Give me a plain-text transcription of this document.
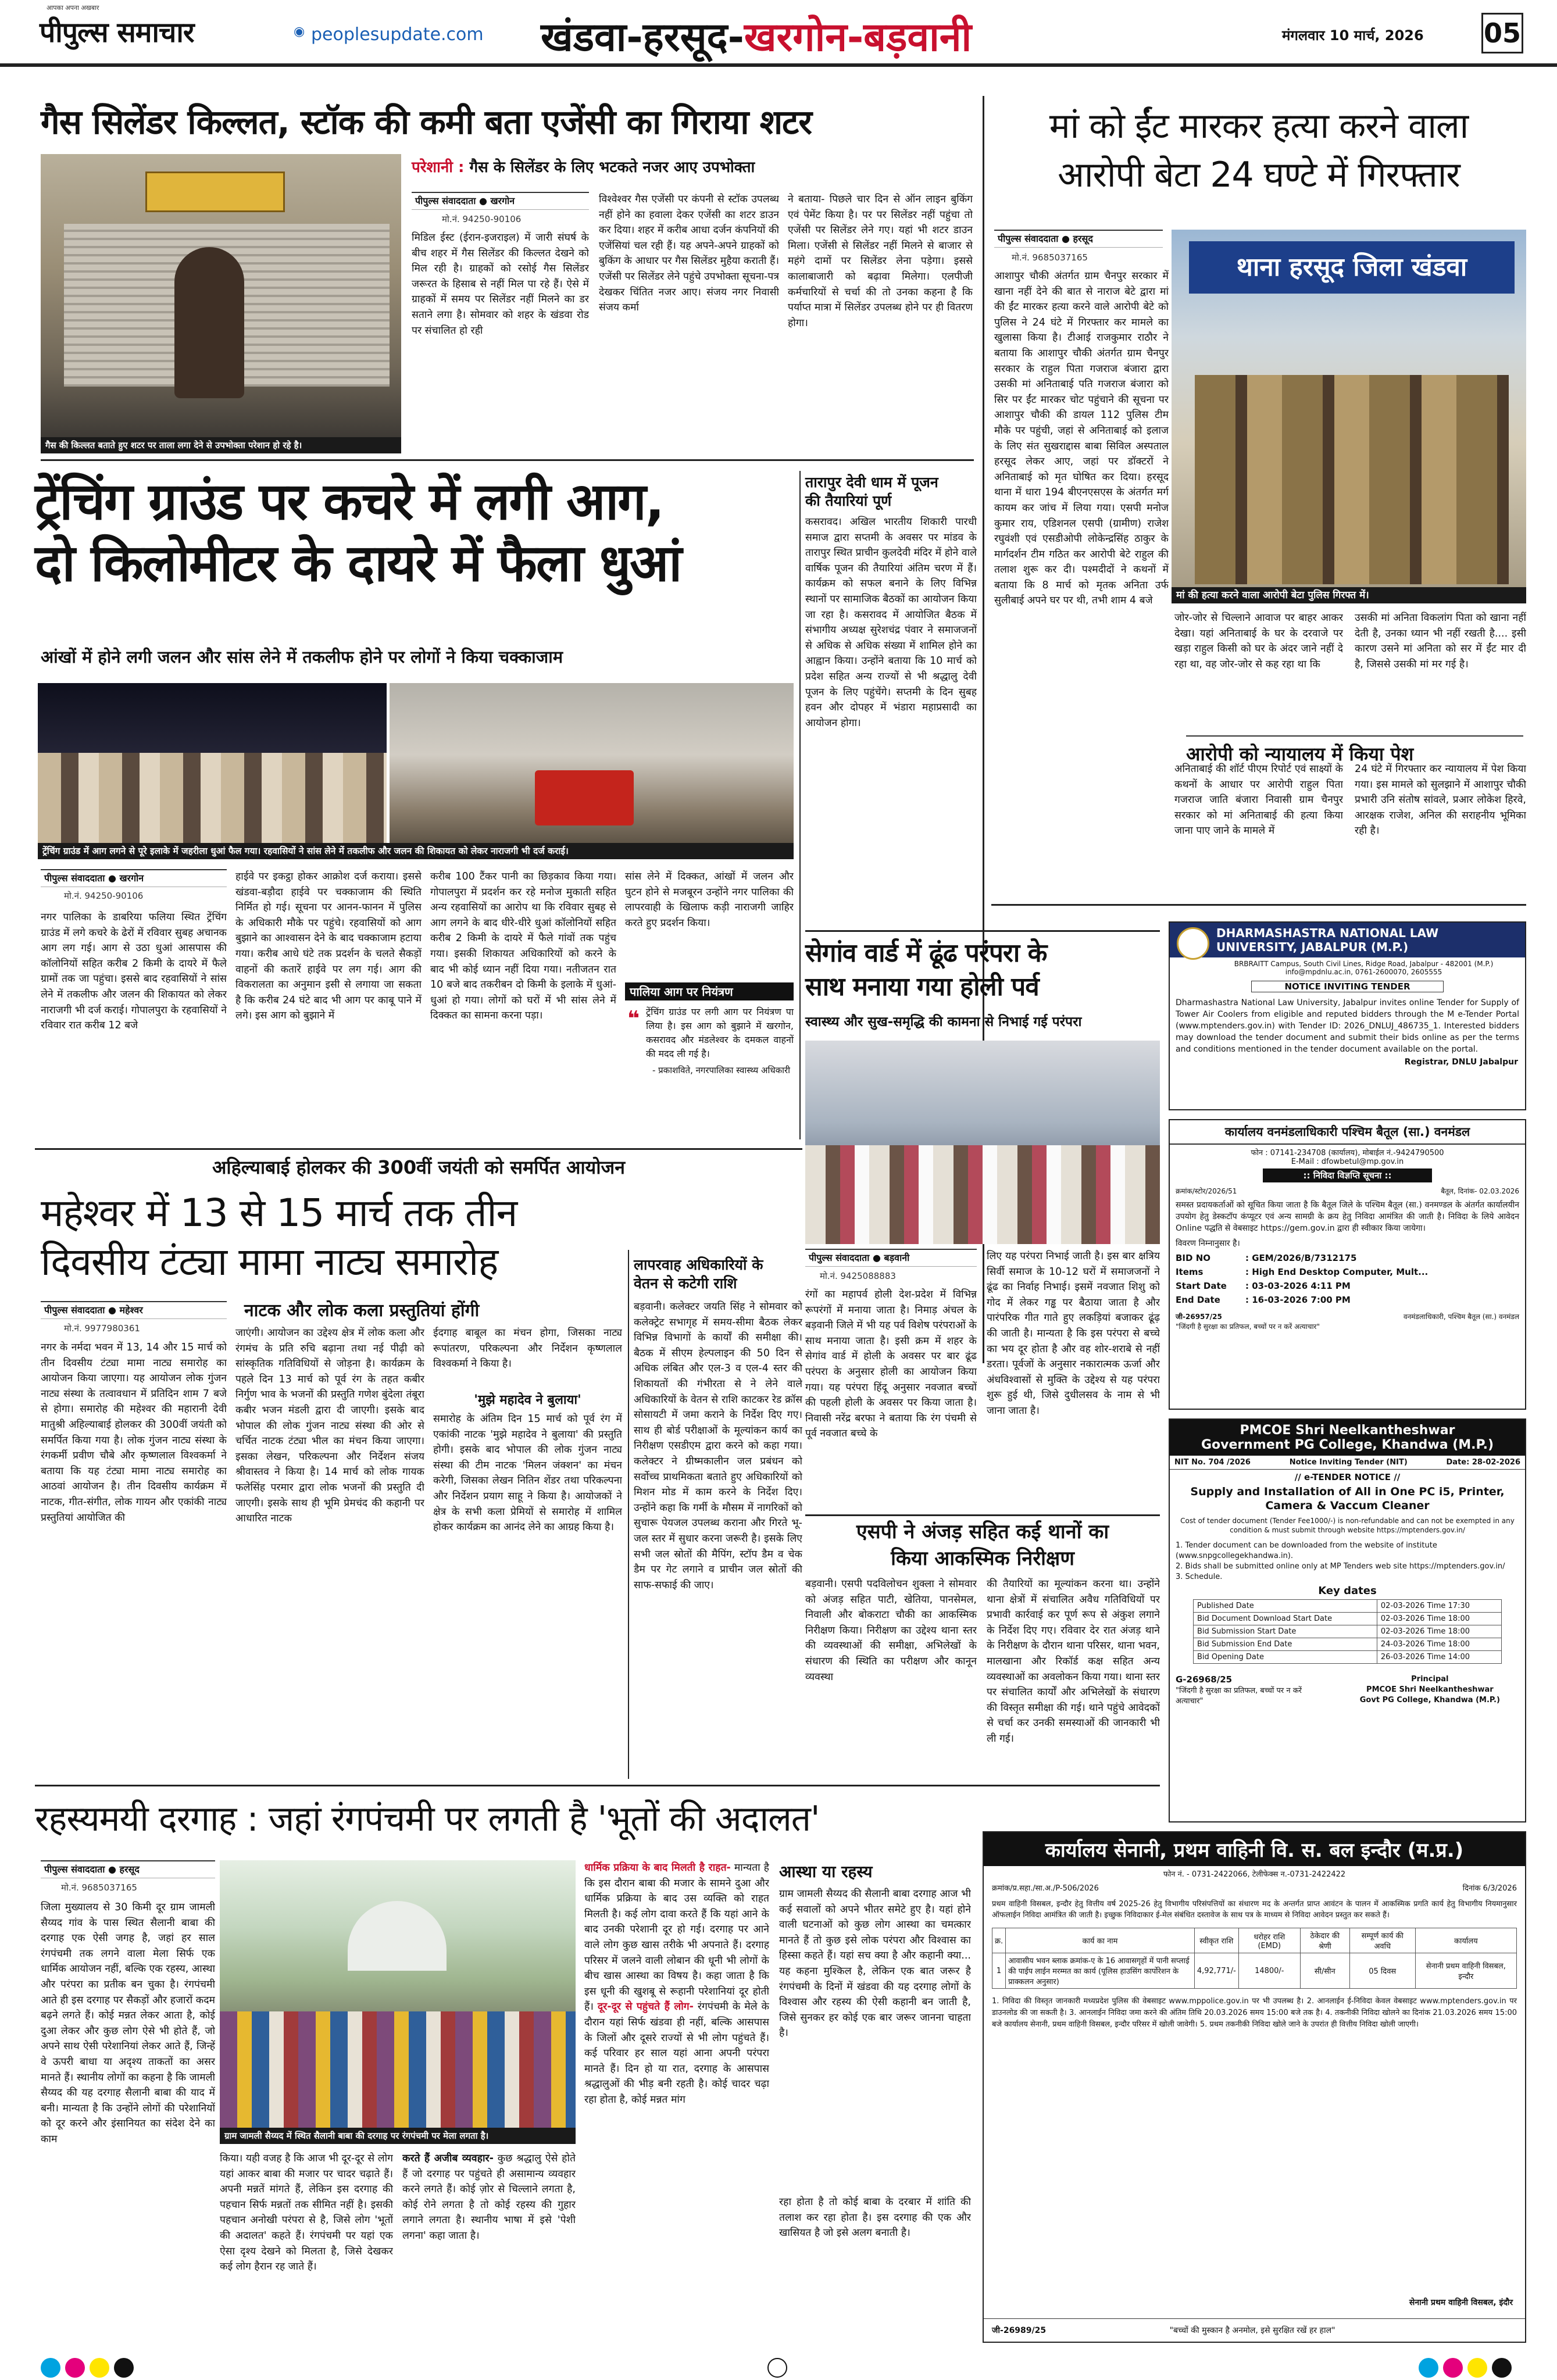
आपका अपना अखबार
पीपुल्स समाचार	◉ peoplesupdate.com खंडवा-हरसूद-खरगोन-बड़वानी	मंगलवार 10 मार्च, 2026 05
गैस सिलेंडर किल्लत, स्टॉक की कमी बता एजेंसी का गिराया शटर
गैस की किल्लत बताते हुए शटर पर ताला लगा देने से उपभोक्ता परेशान हो रहे है।
परेशानी : गैस के सिलेंडर के लिए भटकते नजर आए उपभोक्ता
पीपुल्स संवाददाता ● खरगोन
मो.नं. 94250-90106
मिडिल ईस्ट (ईरान-इजराइल) में जारी संघर्ष के बीच शहर में गैस सिलेंडर की किल्लत देखने को मिल रही है। ग्राहकों को रसोई गैस सिलेंडर जरूरत के हिसाब से नहीं मिल पा रहे हैं। ऐसे में ग्राहकों में समय पर सिलेंडर नहीं मिलने का डर सताने लगा है। सोमवार को शहर के खंडवा रोड पर संचालित हो रही
विश्वेश्वर गैस एजेंसी पर कंपनी से स्टॉक उपलब्ध नहीं होने का हवाला देकर एजेंसी का शटर डाउन कर दिया। शहर में करीब आधा दर्जन कंपनियों की एजेंसियां चल रही हैं। यह अपने-अपने ग्राहकों को बुकिंग के आधार पर गैस सिलेंडर मुहैया कराती हैं। एजेंसी पर सिलेंडर लेने पहुंचे उपभोक्ता सूचना-पत्र देखकर चिंतित नजर आए। संजय नगर निवासी संजय कर्मा
ने बताया- पिछले चार दिन से ऑन लाइन बुकिंग एवं पेमेंट किया है। पर पर सिलेंडर नहीं पहुंचा तो एजेंसी पर सिलेंडर लेने गए। यहां भी शटर डाउन मिला। एजेंसी से सिलेंडर नहीं मिलने से बाजार से महंगे दामों पर सिलेंडर लेना पड़ेगा। इससे कालाबाजारी को बढ़ावा मिलेगा। एलपीजी कर्मचारियों से चर्चा की तो उनका कहना है कि पर्याप्त मात्रा में सिलेंडर उपलब्ध होने पर ही वितरण होगा।
मां को ईंट मारकर हत्या करने वाला
आरोपी बेटा 24 घण्टे में गिरफ्तार
पीपुल्स संवाददाता ● हरसूद
मो.नं. 9685037165
आशापुर चौकी अंतर्गत ग्राम चैनपुर सरकार में खाना नहीं देने की बात से नाराज बेटे द्वारा मां की ईंट मारकर हत्या करने वाले आरोपी बेटे को पुलिस ने 24 घंटे में गिरफ्तार कर मामले का खुलासा किया है। टीआई राजकुमार राठौर ने बताया कि आशापुर चौकी अंतर्गत ग्राम चैनपुर सरकार के राहुल पिता गजराज बंजारा द्वारा उसकी मां अनिताबाई पति गजराज बंजारा को सिर पर ईंट मारकर चोट पहुंचाने की सूचना पर आशापुर चौकी की डायल 112 पुलिस टीम मौके पर पहुंची, जहां से अनिताबाई को इलाज के लिए संत सुखराद्दास बाबा सिविल अस्पताल हरसूद लेकर आए, जहां पर डॉक्टरों ने अनिताबाई को मृत घोषित कर दिया। हरसूद थाना में धारा 194 बीएनएसएस के अंतर्गत मर्ग कायम कर जांच में लिया गया। एसपी मनोज कुमार राय, एडिशनल एसपी (ग्रामीण) राजेश रघुवंशी एवं एसडीओपी लोकेन्द्रसिंह ठाकुर के मार्गदर्शन टीम गठित कर आरोपी बेटे राहुल की तलाश शुरू कर दी। पश्मदीदों ने कथनों में बताया कि 8 मार्च को मृतक अनिता उर्फ सुलीबाई अपने घर पर थी, तभी शाम 4 बजे
थाना हरसूद जिला खंडवा
मां की हत्या करने वाला आरोपी बेटा पुलिस गिरफ्त में।
जोर-जोर से चिल्लाने आवाज पर बाहर आकर देखा। यहां अनिताबाई के घर के दरवाजे पर खड़ा राहुल किसी को घर के अंदर जाने नहीं दे रहा था, वह जोर-जोर से कह रहा था कि
उसकी मां अनिता विकलांग पिता को खाना नहीं देती है, उनका ध्यान भी नहीं रखती है.... इसी कारण उसने मां अनिता को सर में ईंट मार दी है, जिससे उसकी मां मर गई है।
आरोपी को न्यायालय में किया पेश
अनिताबाई की शॉर्ट पीएम रिपोर्ट एवं साक्ष्यों के कथनों के आधार पर आरोपी राहुल पिता गजराज जाति बंजारा निवासी ग्राम चैनपुर सरकार को मां अनिताबाई की हत्या किया जाना पाए जाने के मामले में
24 घंटे में गिरफ्तार कर न्यायालय में पेश किया गया। इस मामले को सुलझाने में आशापुर चौकी प्रभारी उनि संतोष सांवले, प्रआर लोकेश हिरवे, आरक्षक राजेश, अनिल की सराहनीय भूमिका रही है।
DHARMASHASTRA NATIONAL LAW UNIVERSITY, JABALPUR (M.P.)
BRBRAITT Campus, South Civil Lines, Ridge Road, Jabalpur - 482001 (M.P.)
info@mpdnlu.ac.in, 0761-2600070, 2605555
NOTICE INVITING TENDER
Dharmashastra National Law University, Jabalpur invites online Tender for Supply of Tower Air Coolers from eligible and reputed bidders through the M e-Tender Portal (www.mptenders.gov.in) with Tender ID: 2026_DNLUJ_486735_1. Interested bidders may download the tender document and submit their bids online as per the terms and conditions mentioned in the tender document available on the portal.
Registrar, DNLU Jabalpur
कार्यालय वनमंडलाधिकारी पश्चिम बैतूल (सा.) वनमंडल
फोन : 07141-234708 (कार्यालय), मोबाईल नं.-9424790500
E-Mail : dfowbetul@mp.gov.in
:: निविदा विज्ञप्ति सूचना ::
क्रमांक/स्टोर/2026/51	बैतूल, दिनांक- 02.03.2026
समस्त प्रदायकर्ताओं को सूचित किया जाता है कि बैतूल जिले के पश्चिम बैतूल (सा.) वनमण्डल के अंतर्गत कार्यालयीन उपयोग हेतु डेस्कटॉप कंप्यूटर एवं अन्य सामग्री के क्रय हेतु निविदा आमंत्रित की जाती है। निविदा के लिये आवेदन Online पद्धति से वेबसाइट https://gem.gov.in द्वारा ही स्वीकार किया जायेगा।
विवरण निम्नानुसार है।
BID NO	: GEM/2026/B/7312175
Items	: High End Desktop Computer, Mult...
Start Date	: 03-03-2026 4:11 PM
End Date	: 16-03-2026 7:00 PM
जी-26957/25
"जिंदगी है सुरक्षा का प्रतिफल, बच्चों पर न करें अत्याचार"
वनमंडलाधिकारी, पश्चिम बैतूल (सा.) वनमंडल
PMCOE Shri Neelkantheshwar
Government PG College, Khandwa (M.P.)
NIT No. 704 /2026	Notice Inviting Tender (NIT)	Date: 28-02-2026
// e-TENDER NOTICE //
Supply and Installation of All in One PC i5, Printer, Camera & Vaccum Cleaner
Cost of tender document (Tender Fee1000/-) is non-refundable and can not be exempted in any condition & must submit through website https://mptenders.gov.in/
1. Tender document can be downloaded from the website of institute (www.snpgcollegekhandwa.in).
2. Bids shall be submitted online only at MP Tenders web site https://mptenders.gov.in/
3. Schedule.
Key dates
Published Date	02-03-2026 Time 17:30
Bid Document Download Start Date	02-03-2026 Time 18:00
Bid Submission Start Date	02-03-2026 Time 18:00
Bid Submission End Date	24-03-2026 Time 18:00
Bid Opening Date	26-03-2026 Time 14:00
G-26968/25
"जिंदगी है सुरक्षा का प्रतिफल, बच्चों पर न करें अत्याचार"
Principal
PMCOE Shri Neelkantheshwar
Govt PG College, Khandwa (M.P.)
ट्रेंचिंग ग्राउंड पर कचरे में लगी आग,
दो किलोमीटर के दायरे में फैला धुआं
आंखों में होने लगी जलन और सांस लेने में तकलीफ होने पर लोगों ने किया चक्काजाम
ट्रेंचिंग ग्राउंड में आग लगने से पूरे इलाके में जहरीला धुआं फैल गया। रहवासियों ने सांस लेने में तकलीफ और जलन की शिकायत को लेकर नाराजगी भी दर्ज कराई।
पीपुल्स संवाददाता ● खरगोन
मो.नं. 94250-90106
नगर पालिका के डाबरिया फलिया स्थित ट्रेंचिंग ग्राउंड में लगे कचरे के ढेरों में रविवार सुबह अचानक आग लग गई। आग से उठा धुआं आसपास की कॉलोनियों सहित करीब 2 किमी के दायरे में फैले ग्रामों तक जा पहुंचा। इससे बाद रहवासियों ने सांस लेने में तकलीफ और जलन की शिकायत को लेकर नाराजगी भी दर्ज कराई। गोपालपुरा के रहवासियों ने रविवार रात करीब 12 बजे
हाईवे पर इकट्ठा होकर आक्रोश दर्ज कराया। इससे खंडवा-बड़ौदा हाईवे पर चक्काजाम की स्थिति निर्मित हो गई। सूचना पर आनन-फानन में पुलिस के अधिकारी मौके पर पहुंचे। रहवासियों को आग बुझाने का आश्वासन देने के बाद चक्काजाम हटाया गया। करीब आधे घंटे तक प्रदर्शन के चलते सैकड़ों वाहनों की कतारें हाईवे पर लग गई। आग की विकरालता का अनुमान इसी से लगाया जा सकता है कि करीब 24 घंटे बाद भी आग पर काबू पाने में लगे। इस आग को बुझाने में
करीब 100 टैंकर पानी का छिड़काव किया गया। गोपालपुरा में प्रदर्शन कर रहे मनोज मुकाती सहित अन्य रहवासियों का आरोप था कि रविवार सुबह से आग लगने के बाद धीरे-धीरे धुआं कॉलोनियों सहित करीब 2 किमी के दायरे में फैले गांवों तक पहुंच गया। इसकी शिकायत अधिकारियों को करने के बाद भी कोई ध्यान नहीं दिया गया। नतीजतन रात 10 बजे बाद तकरीबन दो किमी के इलाके में धुआं-धुआं हो गया। लोगों को घरों में भी सांस लेने में दिक्कत का सामना करना पड़ा।
सांस लेने में दिक्कत, आंखों में जलन और घुटन होने से मजबूरन उन्होंने नगर पालिका की लापरवाही के खिलाफ कड़ी नाराजगी जाहिर करते हुए प्रदर्शन किया।
पालिया आग पर नियंत्रण
ट्रेंचिंग ग्राउंड पर लगी आग पर नियंत्रण पा लिया है। इस आग को बुझाने में खरगोन, कसरावद और मंडलेश्वर के दमकल वाहनों की मदद ली गई है।
❝
- प्रकाशविते, नगरपालिका स्वास्थ्य अधिकारी
तारापुर देवी धाम में पूजन
की तैयारियां पूर्ण
कसरावद। अखिल भारतीय शिकारी पारधी समाज द्वारा सप्तमी के अवसर पर मांडव के तारापुर स्थित प्राचीन कुलदेवी मंदिर में होने वाले वार्षिक पूजन की तैयारियां अंतिम चरण में हैं। कार्यक्रम को सफल बनाने के लिए विभिन्न स्थानों पर सामाजिक बैठकों का आयोजन किया जा रहा है। कसरावद में आयोजित बैठक में संभागीय अध्यक्ष सुरेशचंद्र पंवार ने समाजजनों से अधिक से अधिक संख्या में शामिल होने का आह्वान किया। उन्होंने बताया कि 10 मार्च को प्रदेश सहित अन्य राज्यों से भी श्रद्धालु देवी पूजन के लिए पहुंचेंगे। सप्तमी के दिन सुबह हवन और दोपहर में भंडारा महाप्रसादी का आयोजन होगा।
सेगांव वार्ड में ढूंढ परंपरा के
साथ मनाया गया होली पर्व
स्वास्थ्य और सुख-समृद्धि की कामना से निभाई गई परंपरा
पीपुल्स संवाददाता ● बड़वानी
मो.नं. 9425088883
रंगों का महापर्व होली देश-प्रदेश में विभिन्न रूपरंगों में मनाया जाता है। निमाड़ अंचल के बड़वानी जिले में भी यह पर्व विशेष परंपराओं के साथ मनाया जाता है। इसी क्रम में शहर के सेगांव वार्ड में होली के अवसर पर बार ढूंढ परंपरा के अनुसार होली का आयोजन किया गया। यह परंपरा हिंदू अनुसार नवजात बच्चों की पहली होली के अवसर पर किया जाता है। निवासी नरेंद्र बरफा ने बताया कि रंग पंचमी से पूर्व नवजात बच्चे के
लिए यह परंपरा निभाई जाती है। इस बार क्षत्रिय सिर्वी समाज के 10-12 घरों में समाजजनों ने ढूंढ का निर्वाह निभाई। इसमें नवजात शिशु को गोद में लेकर गड्ढ पर बैठाया जाता है और पारंपरिक गीत गाते हुए लकड़ियां बजाकर ढूंढ़ की जाती है। मान्यता है कि इस परंपरा से बच्चे का भय दूर होता है और वह शोर-शराबे से नहीं डरता। पूर्वजों के अनुसार नकारात्मक ऊर्जा और अंधविश्वासों से मुक्ति के उद्देश्य से यह परंपरा शुरू हुई थी, जिसे दुधीलसव के नाम से भी जाना जाता है।
अहिल्याबाई होलकर की 300वीं जयंती को समर्पित आयोजन
महेश्वर में 13 से 15 मार्च तक तीन
दिवसीय टंट्या मामा नाट्य समारोह
पीपुल्स संवाददाता ● महेश्वर
मो.नं. 9977980361
नाटक और लोक कला प्रस्तुतियां होंगी
नगर के नर्मदा भवन में 13, 14 और 15 मार्च को तीन दिवसीय टंट्या मामा नाट्य समारोह का आयोजन किया जाएगा। यह आयोजन लोक गुंजन नाट्य संस्था के तत्वावधान में प्रतिदिन शाम 7 बजे से होगा। समारोह की महेश्वर की महारानी देवी मातुश्री अहिल्याबाई होलकर की 300वीं जयंती को समर्पित किया गया है। लोक गुंजन नाट्य संस्था के रंगकर्मी प्रवीण चौबे और कृष्णलाल विश्वकर्मा ने बताया कि यह टंट्या मामा नाट्य समारोह का आठवां आयोजन है। तीन दिवसीय कार्यक्रम में नाटक, गीत-संगीत, लोक गायन और एकांकी नाट्य प्रस्तुतियां आयोजित की
जाएंगी। आयोजन का उद्देश्य क्षेत्र में लोक कला और रंगमंच के प्रति रुचि बढ़ाना तथा नई पीढ़ी को सांस्कृतिक गतिविधियों से जोड़ना है। कार्यक्रम के पहले दिन 13 मार्च को पूर्व रंग के तहत कबीर निर्गुण भाव के भजनों की प्रस्तुति गणेश बुंदेला तंबूरा कबीर भजन मंडली द्वारा दी जाएगी। इसके बाद भोपाल की लोक गुंजन नाट्य संस्था की ओर से चर्चित नाटक टंट्या भील का मंचन किया जाएगा। इसका लेखन, परिकल्पना और निर्देशन संजय श्रीवास्तव ने किया है। 14 मार्च को लोक गायक फलेसिंह परमार द्वारा लोक भजनों की प्रस्तुति दी जाएगी। इसके साथ ही भूमि प्रेमचंद की कहानी पर आधारित नाटक
ईदगाह बाबूल का मंचन होगा, जिसका नाट्य रूपांतरण, परिकल्पना और निर्देशन कृष्णलाल विश्वकर्मा ने किया है।
'मुझे महादेव ने बुलाया'
समारोह के अंतिम दिन 15 मार्च को पूर्व रंग में एकांकी नाटक 'मुझे महादेव ने बुलाया' की प्रस्तुति होगी। इसके बाद भोपाल की लोक गुंजन नाट्य संस्था की टीम नाटक 'मिलन जंक्शन' का मंचन करेगी, जिसका लेखन नितिन शेंडर तथा परिकल्पना और निर्देशन प्रयाग साहू ने किया है। आयोजकों ने क्षेत्र के सभी कला प्रेमियों से समारोह में शामिल होकर कार्यक्रम का आनंद लेने का आग्रह किया है।
लापरवाह अधिकारियों के
वेतन से कटेगी राशि
बड़वानी। कलेक्टर जयति सिंह ने सोमवार को कलेक्ट्रेट सभागृह में समय-सीमा बैठक लेकर विभिन्न विभागों के कार्यों की समीक्षा की। बैठक में सीएम हेल्पलाइन की 50 दिन से अधिक लंबित और एल-3 व एल-4 स्तर की शिकायतों की गंभीरता से ने लेने वाले अधिकारियों के वेतन से राशि काटकर रेड क्रॉस सोसायटी में जमा कराने के निर्देश दिए गए। साथ ही बोर्ड परीक्षाओं के मूल्यांकन कार्य का निरीक्षण एसडीएम द्वारा करने को कहा गया। कलेक्टर ने ग्रीष्मकालीन जल प्रबंधन को सर्वोच्च प्राथमिकता बताते हुए अधिकारियों को मिशन मोड में काम करने के निर्देश दिए। उन्होंने कहा कि गर्मी के मौसम में नागरिकों को सुचारू पेयजल उपलब्ध कराना और गिरते भू-जल स्तर में सुधार करना जरूरी है। इसके लिए सभी जल स्रोतों की मैपिंग, स्टॉप डैम व चेक डैम पर गेट लगाने व प्राचीन जल स्रोतों की साफ-सफाई की जाए।
एसपी ने अंजड़ सहित कई थानों का
किया आकस्मिक निरीक्षण
बड़वानी। एसपी पदविलोचन शुक्ला ने सोमवार को अंजड़ सहित पाटी, खेतिया, पानसेमल, निवाली और बोकराटा चौकी का आकस्मिक निरीक्षण किया। निरीक्षण का उद्देश्य थाना स्तर की व्यवस्थाओं की समीक्षा, अभिलेखों के संधारण की स्थिति का परीक्षण और कानून व्यवस्था
की तैयारियों का मूल्यांकन करना था। उन्होंने थाना क्षेत्रों में संचालित अवैध गतिविधियों पर प्रभावी कार्रवाई कर पूर्ण रूप से अंकुश लगाने के निर्देश दिए गए। रविवार देर रात अंजड़ थाने के निरीक्षण के दौरान थाना परिसर, थाना भवन, मालखाना और रिकॉर्ड कक्ष सहित अन्य व्यवस्थाओं का अवलोकन किया गया। थाना स्तर पर संचालित कार्यों और अभिलेखों के संधारण की विस्तृत समीक्षा की गई। थाने पहुंचे आवेदकों से चर्चा कर उनकी समस्याओं की जानकारी भी ली गई।
रहस्यमयी दरगाह : जहां रंगपंचमी पर लगती है 'भूतों की अदालत'
पीपुल्स संवाददाता ● हरसूद
मो.नं. 9685037165
जिला मुख्यालय से 30 किमी दूर ग्राम जामली सैय्यद गांव के पास स्थित सैलानी बाबा की दरगाह एक ऐसी जगह है, जहां हर साल रंगपंचमी तक लगने वाला मेला सिर्फ एक धार्मिक आयोजन नहीं, बल्कि एक रहस्य, आस्था और परंपरा का प्रतीक बन चुका है। रंगपंचमी आते ही इस दरगाह पर सैकड़ों और हजारों कदम बढ़ने लगते हैं। कोई मन्नत लेकर आता है, कोई दुआ लेकर और कुछ लोग ऐसे भी होते हैं, जो अपने साथ ऐसी परेशानियां लेकर आते हैं, जिन्हें वे ऊपरी बाधा या अदृश्य ताकतों का असर मानते हैं। स्थानीय लोगों का कहना है कि जामली सैय्यद की यह दरगाह सैलानी बाबा की याद में बनी। मान्यता है कि उन्होंने लोगों की परेशानियों को दूर करने और इंसानियत का संदेश देने का काम	ग्राम जामली सैय्यद में स्थित सैलानी बाबा की दरगाह पर रंगपंचमी पर मेला लगता है।
किया। यही वजह है कि आज भी दूर-दूर से लोग यहां आकर बाबा की मजार पर चादर चढ़ाते हैं। अपनी मन्नतें मांगते हैं, लेकिन इस दरगाह की पहचान सिर्फ मन्नतों तक सीमित नहीं है। इसकी पहचान अनोखी परंपरा से है, जिसे लोग 'भूतों की अदालत' कहते हैं। रंगपंचमी पर यहां एक ऐसा दृश्य देखने को मिलता है, जिसे देखकर कई लोग हैरान रह जाते हैं।
करते हैं अजीब व्यवहार- कुछ श्रद्धालु ऐसे होते हैं जो दरगाह पर पहुंचते ही असामान्य व्यवहार करने लगते हैं। कोई ज़ोर से चिल्लाने लगता है, कोई रोने लगता है तो कोई रहस्य की गुहार लगाने लगता है। स्थानीय भाषा में इसे 'पेशी लगना' कहा जाता है।
धार्मिक प्रक्रिया के बाद मिलती है राहत- मान्यता है कि इस दौरान बाबा की मजार के सामने दुआ और धार्मिक प्रक्रिया के बाद उस व्यक्ति को राहत मिलती है। कई लोग दावा करते हैं कि यहां आने के बाद उनकी परेशानी दूर हो गई। दरगाह पर आने वाले लोग कुछ खास तरीके भी अपनाते हैं। दरगाह परिसर में जलने वाली लोबान की धूनी भी लोगों के बीच खास आस्था का विषय है। कहा जाता है कि इस धूनी की खुशबू से रूहानी परेशानियां दूर होती हैं। दूर-दूर से पहुंचते हैं लोग- रंगपंचमी के मेले के दौरान यहां सिर्फ खंडवा ही नहीं, बल्कि आसपास के जिलों और दूसरे राज्यों से भी लोग पहुंचते हैं। कई परिवार हर साल यहां आना अपनी परंपरा मानते हैं। दिन हो या रात, दरगाह के आसपास श्रद्धालुओं की भीड़ बनी रहती है। कोई चादर चढ़ा रहा होता है, कोई मन्नत मांग
आस्था या रहस्य
ग्राम जामली सैय्यद की सैलानी बाबा दरगाह आज भी कई सवालों को अपने भीतर समेटे हुए है। यहां होने वाली घटनाओं को कुछ लोग आस्था का चमत्कार मानते हैं तो कुछ इसे लोक परंपरा और विश्वास का हिस्सा कहते हैं। यहां सच क्या है और कहानी क्या... यह कहना मुश्किल है, लेकिन एक बात जरूर है रंगपंचमी के दिनों में खंडवा की यह दरगाह लोगों के विश्वास और रहस्य की ऐसी कहानी बन जाती है, जिसे सुनकर हर कोई एक बार जरूर जानना चाहता है।
रहा होता है तो कोई बाबा के दरबार में शांति की तलाश कर रहा होता है। इस दरगाह की एक और खासियत है जो इसे अलग बनाती है।
कार्यालय सेनानी, प्रथम वाहिनी वि. स. बल इन्दौर (म.प्र.)
फोन नं. - 0731-2422066, टेलीफेक्स न.-0731-2422422
क्रमांक/प्र.सहा./सा.अ./P-506/2026	दिनांक 6/3/2026
प्रथम वाहिनी विसबल, इन्दौर हेतु वित्तीय वर्ष 2025-26 हेतु विभागीय परिसंपत्तियों का संधारण मद के अन्तर्गत प्राप्त आवंटन के पालन में आकस्मिक प्रगति कार्य हेतु विभागीय नियमानुसार ऑफलाईन निविदा आमंत्रित की जाती है। इच्छुक निविदाकार ई-मेल संबंधित दस्तावेज के साथ पत्र के माध्यम से निविदा आवेदन प्रस्तुत कर सकते हैं।
क्र.	कार्य का नाम	स्वीकृत राशि	धरोहर राशि (EMD)	ठेकेदार की श्रेणी	सम्पूर्ण कार्य की अवधि	कार्यालय
1	आवासीय भवन ब्लाक क्रमांक-ए के 16 आवासगृहों में पानी सप्लाई की पाईप लाईन मरम्मत का कार्य (पूलिस हाउसिंग कार्पोरेशन के प्राक्कलन अनुसार)	4,92,771/-	14800/-	सी/सीन	05 दिवस	सेनानी प्रथम वाहिनी विसबल, इन्दौर
1. निविदा की विस्तृत जानकारी मध्यप्रदेश पुलिस की वेबसाइट www.mppolice.gov.in पर भी उपलब्ध है। 2. आनलाईन ई-निविदा केवल वेबसाइट www.mptenders.gov.in पर डाउनलोड की जा सकती है। 3. आनलाईन निविदा जमा करने की अंतिम तिथि 20.03.2026 समय 15:00 बजे तक है। 4. तकनीकी निविदा खोलने का दिनांक 21.03.2026 समय 15:00 बजे कार्यालय सेनानी, प्रथम वाहिनी विसबल, इन्दौर परिसर में खोली जावेगी। 5. प्रथम तकनीकी निविदा खोले जाने के उपरांत ही वित्तीय निविदा खोली जाएगी।
सेनानी प्रथम वाहिनी विसबल, इंदौर
जी-26989/25	"बच्चों की मुस्कान है अनमोल, इसे सुरक्षित रखें हर हाल"
